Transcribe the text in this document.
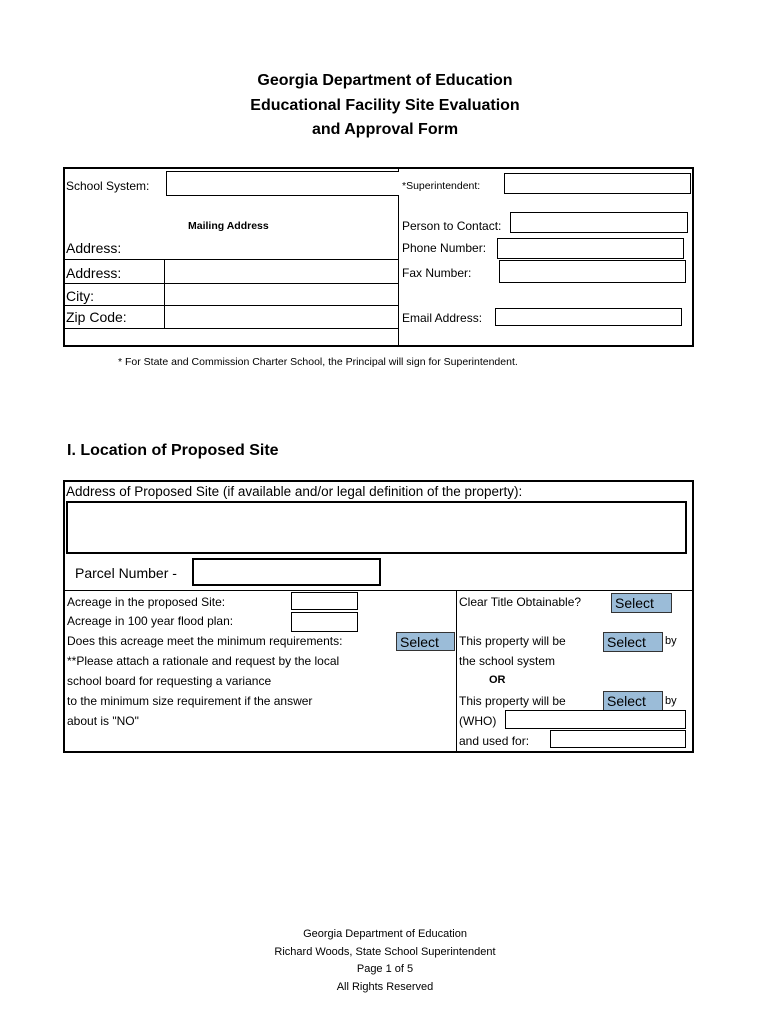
Georgia Department of Education
Educational Facility Site Evaluation
and Approval Form
School System:	*Superintendent:
Mailing Address	Person to Contact:
Address:	Phone Number:
Address:	Fax Number:
City:
Zip Code:	Email Address:
* For State and Commission Charter School, the Principal will sign for Superintendent.
I. Location of Proposed Site
Address of Proposed Site (if available and/or legal definition of the property):
Parcel Number -
Acreage in the proposed Site:
Acreage in 100 year flood plan:
Does this acreage meet the minimum requirements:	Select
**Please attach a rationale and request by the local
school board for requesting a variance
to the minimum size requirement if the answer
about is "NO"
Clear Title Obtainable? Select
This property will be	Select	by
the school system
OR
This property will be	Select	by
(WHO)
and used for:
Georgia Department of Education
Richard Woods, State School Superintendent
Page 1 of 5
All Rights Reserved
